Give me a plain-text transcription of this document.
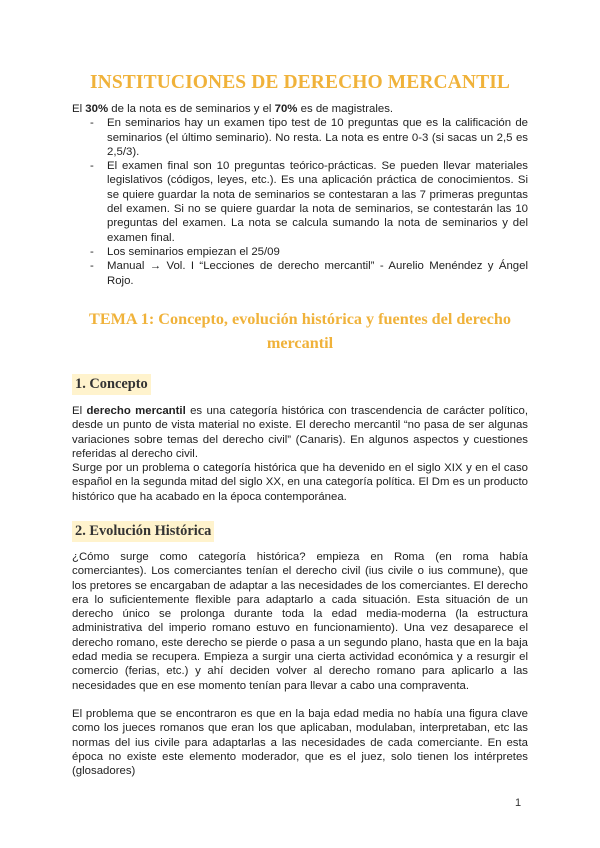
INSTITUCIONES DE DERECHO MERCANTIL

El 30% de la nota es de seminarios y el 70% es de magistrales.

- En seminarios hay un examen tipo test de 10 preguntas que es la calificación de seminarios (el último seminario). No resta. La nota es entre 0-3 (si sacas un 2,5 es 2,5/3).
- El examen final son 10 preguntas teórico-prácticas. Se pueden llevar materiales legislativos (códigos, leyes, etc.). Es una aplicación práctica de conocimientos. Si se quiere guardar la nota de seminarios se contestaran a las 7 primeras preguntas del examen. Si no se quiere guardar la nota de seminarios, se contestarán las 10 preguntas del examen. La nota se calcula sumando la nota de seminarios y del examen final.
- Los seminarios empiezan el 25/09
- Manual → Vol. I “Lecciones de derecho mercantil” - Aurelio Menéndez y Ángel Rojo.
TEMA 1: Concepto, evolución histórica y fuentes del derecho mercantil
1. Concepto

El derecho mercantil es una categoría histórica con trascendencia de carácter político, desde un punto de vista material no existe. El derecho mercantil “no pasa de ser algunas variaciones sobre temas del derecho civil” (Canaris). En algunos aspectos y cuestiones referidas al derecho civil.

Surge por un problema o categoría histórica que ha devenido en el siglo XIX y en el caso español en la segunda mitad del siglo XX, en una categoría política. El Dm es un producto histórico que ha acabado en la época contemporánea.

2. Evolución Histórica

¿Cómo surge como categoría histórica? empieza en Roma (en roma había comerciantes). Los comerciantes tenían el derecho civil (ius civile o ius commune), que los pretores se encargaban de adaptar a las necesidades de los comerciantes. El derecho era lo suficientemente flexible para adaptarlo a cada situación. Esta situación de un derecho único se prolonga durante toda la edad media-moderna (la estructura administrativa del imperio romano estuvo en funcionamiento). Una vez desaparece el derecho romano, este derecho se pierde o pasa a un segundo plano, hasta que en la baja edad media se recupera. Empieza a surgir una cierta actividad económica y a resurgir el comercio (ferias, etc.) y ahí deciden volver al derecho romano para aplicarlo a las necesidades que en ese momento tenían para llevar a cabo una compraventa.

El problema que se encontraron es que en la baja edad media no había una figura clave como los jueces romanos que eran los que aplicaban, modulaban, interpretaban, etc las normas del ius civile para adaptarlas a las necesidades de cada comerciante. En esta época no existe este elemento moderador, que es el juez, solo tienen los intérpretes (glosadores)

1
